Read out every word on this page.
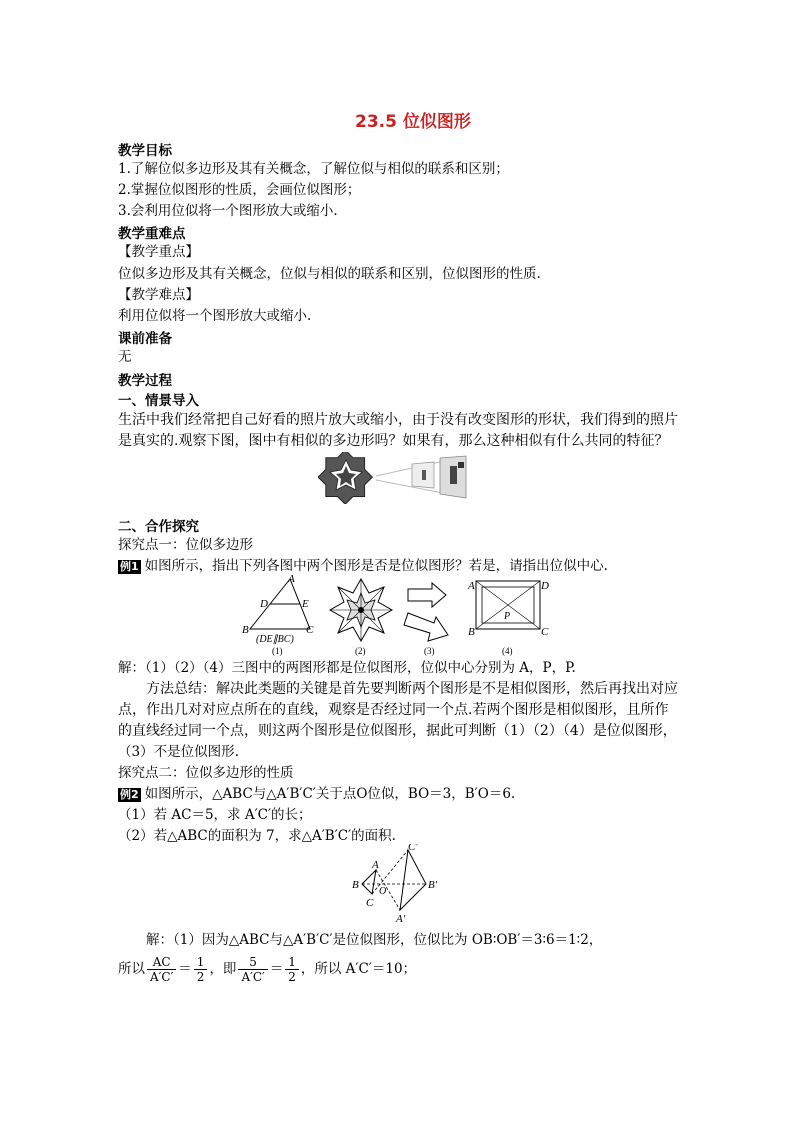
23.5 位似图形
教学目标
1.了解位似多边形及其有关概念，了解位似与相似的联系和区别；
2.掌握位似图形的性质，会画位似图形；
3.会利用位似将一个图形放大或缩小.
教学重难点
【教学重点】
位似多边形及其有关概念，位似与相似的联系和区别，位似图形的性质.
【教学难点】
利用位似将一个图形放大或缩小.
课前准备
无
教学过程
一、情景导入
生活中我们经常把自己好看的照片放大或缩小，由于没有改变图形的形状，我们得到的照片
是真实的.观察下图，图中有相似的多边形吗？如果有，那么这种相似有什么共同的特征？
二、合作探究
探究点一：位似多边形
例1 如图所示，指出下列各图中两个图形是否是位似图形？若是，请指出位似中心.
A
D	E
B	C
(DE∥BC)
(1)	(2)	(3)
A	D
B	C
P
(4)
解：（1）（2）（4）三图中的两图形都是位似图形，位似中心分别为 A，P，P.
方法总结：解决此类题的关键是首先要判断两个图形是不是相似图形，然后再找出对应
点，作出几对对应点所在的直线，观察是否经过同一个点.若两个图形是相似图形，且所作
的直线经过同一个点，则这两个图形是位似图形，据此可判断（1）（2）（4）是位似图形，
（3）不是位似图形.
探究点二：位似多边形的性质
例2 如图所示，△ABC与△A′B′C′关于点O位似，BO＝3，B′O＝6.
（1）若 AC＝5，求 A′C′的长；
（2）若△ABC的面积为 7，求△A′B′C′的面积.
A
B
C
O
A′
B′
C′
解：（1）因为△ABC与△A′B′C′是位似图形，位似比为 OB∶OB′＝3∶6＝1∶2，
所以 $\frac{AC}{A'C'} = \frac{1}{2}$ ，即 $\frac{5}{A'C'} = \frac{1}{2}$ ，所以 A′C′＝10；
